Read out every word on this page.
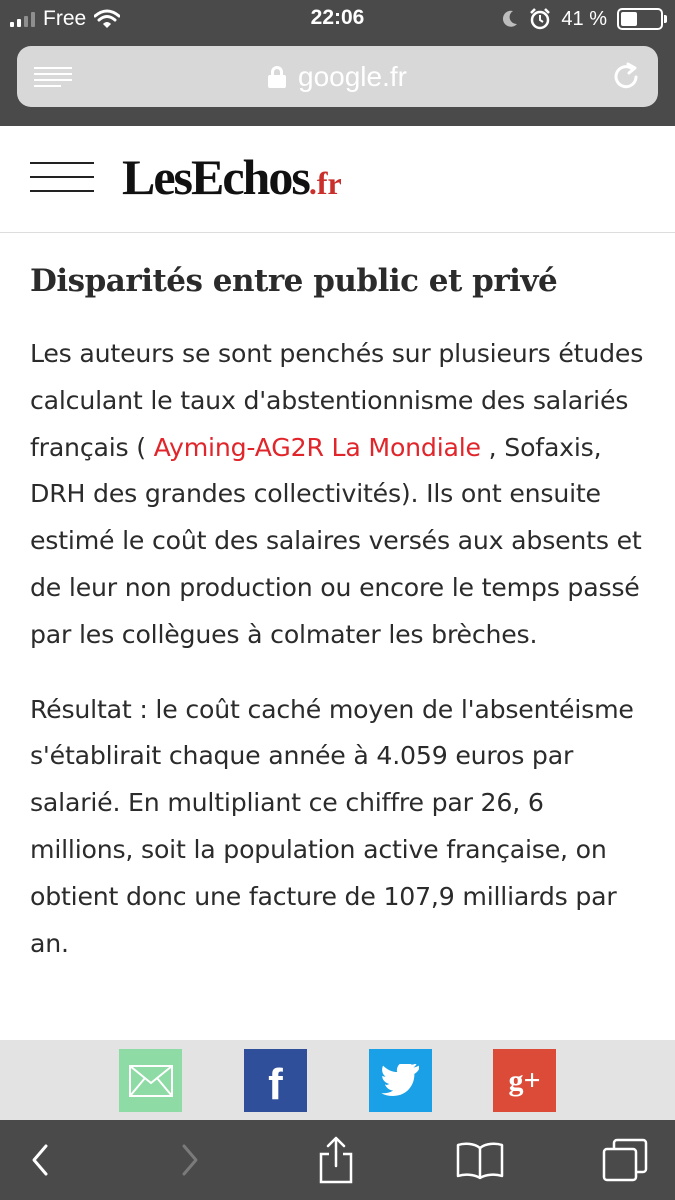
Free	22:06	41 %
google.fr
LesEchos.fr
Disparités entre public et privé

Les auteurs se sont penchés sur plusieurs études calculant le taux d'abstentionnisme des salariés français ( Ayming-AG2R La Mondiale , Sofaxis, DRH des grandes collectivités). Ils ont ensuite estimé le coût des salaires versés aux absents et de leur non production ou encore le temps passé par les collègues à colmater les brèches.

Résultat : le coût caché moyen de l'absentéisme s'établirait chaque année à 4.059 euros par salarié. En multipliant ce chiffre par 26, 6 millions, soit la population active française, on obtient donc une facture de 107,9 milliards par an.

f	g+
